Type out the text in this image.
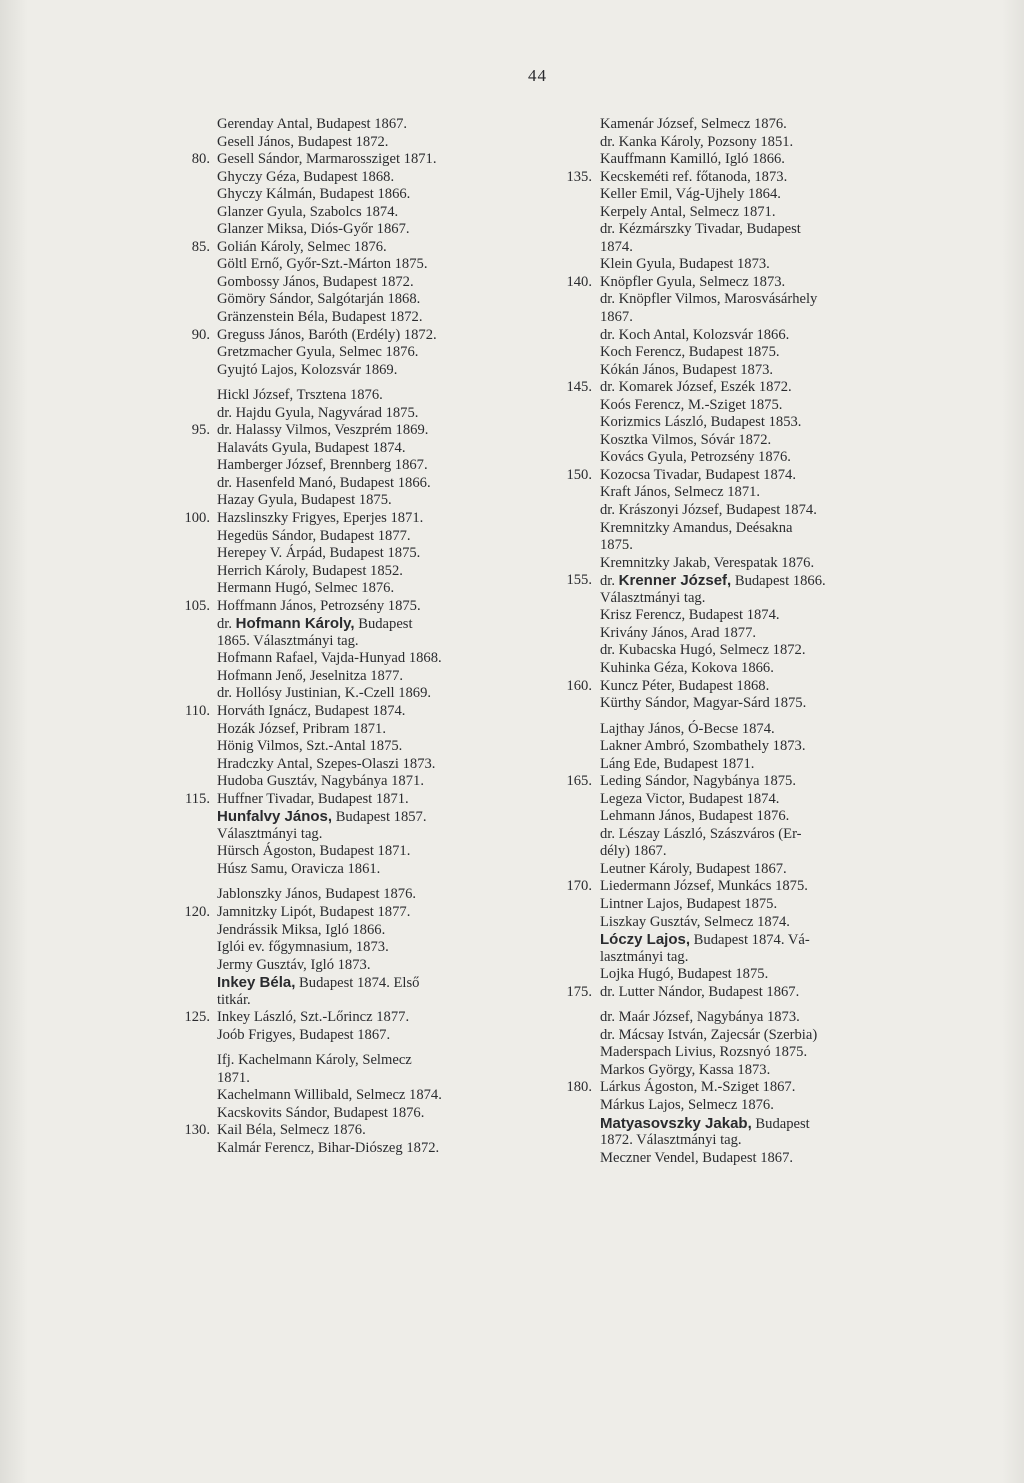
44
Gerenday Antal, Budapest 1867.
Gesell János, Budapest 1872.
80. Gesell Sándor, Marmarossziget 1871.
Ghyczy Géza, Budapest 1868.
Ghyczy Kálmán, Budapest 1866.
Glanzer Gyula, Szabolcs 1874.
Glanzer Miksa, Diós-Győr 1867.
85. Golián Károly, Selmec 1876.
Göltl Ernő, Győr-Szt.-Márton 1875.
Gombossy János, Budapest 1872.
Gömöry Sándor, Salgótarján 1868.
Gränzenstein Béla, Budapest 1872.
90. Greguss János, Baróth (Erdély) 1872.
Gretzmacher Gyula, Selmec 1876.
Gyujtó Lajos, Kolozsvár 1869.
Hickl József, Trsztena 1876.
dr. Hajdu Gyula, Nagyvárad 1875.
95. dr. Halassy Vilmos, Veszprém 1869.
Halaváts Gyula, Budapest 1874.
Hamberger József, Brennberg 1867.
dr. Hasenfeld Manó, Budapest 1866.
Hazay Gyula, Budapest 1875.
100. Hazslinszky Frigyes, Eperjes 1871.
Hegedüs Sándor, Budapest 1877.
Herepey V. Árpád, Budapest 1875.
Herrich Károly, Budapest 1852.
Hermann Hugó, Selmec 1876.
105. Hoffmann János, Petrozsény 1875.
dr. Hofmann Károly, Budapest
1865. Választmányi tag.
Hofmann Rafael, Vajda-Hunyad 1868.
Hofmann Jenő, Jeselnitza 1877.
dr. Hollósy Justinian, K.-Czell 1869.
110. Horváth Ignácz, Budapest 1874.
Hozák József, Pribram 1871.
Hönig Vilmos, Szt.-Antal 1875.
Hradczky Antal, Szepes-Olaszi 1873.
Hudoba Gusztáv, Nagybánya 1871.
115. Huffner Tivadar, Budapest 1871.
Hunfalvy János, Budapest 1857.
Választmányi tag.
Hürsch Ágoston, Budapest 1871.
Húsz Samu, Oravicza 1861.
Jablonszky János, Budapest 1876.
120. Jamnitzky Lipót, Budapest 1877.
Jendrássik Miksa, Igló 1866.
Iglói ev. főgymnasium, 1873.
Jermy Gusztáv, Igló 1873.
Inkey Béla, Budapest 1874. Első
titkár.
125. Inkey László, Szt.-Lőrincz 1877.
Joób Frigyes, Budapest 1867.
Ifj. Kachelmann Károly, Selmecz
1871.
Kachelmann Willibald, Selmecz 1874.
Kacskovits Sándor, Budapest 1876.
130. Kail Béla, Selmecz 1876.
Kalmár Ferencz, Bihar-Diószeg 1872.
Kamenár József, Selmecz 1876.
dr. Kanka Károly, Pozsony 1851.
Kauffmann Kamilló, Igló 1866.
135. Kecskeméti ref. főtanoda, 1873.
Keller Emil, Vág-Ujhely 1864.
Kerpely Antal, Selmecz 1871.
dr. Kézmárszky Tivadar, Budapest
1874.
Klein Gyula, Budapest 1873.
140. Knöpfler Gyula, Selmecz 1873.
dr. Knöpfler Vilmos, Marosvásárhely
1867.
dr. Koch Antal, Kolozsvár 1866.
Koch Ferencz, Budapest 1875.
Kókán János, Budapest 1873.
145. dr. Komarek József, Eszék 1872.
Koós Ferencz, M.-Sziget 1875.
Korizmics László, Budapest 1853.
Kosztka Vilmos, Sóvár 1872.
Kovács Gyula, Petrozsény 1876.
150. Kozocsa Tivadar, Budapest 1874.
Kraft János, Selmecz 1871.
dr. Krászonyi József, Budapest 1874.
Kremnitzky Amandus, Deésakna
1875.
Kremnitzky Jakab, Verespatak 1876.
155. dr. Krenner József, Budapest 1866.
Választmányi tag.
Krisz Ferencz, Budapest 1874.
Krivány János, Arad 1877.
dr. Kubacska Hugó, Selmecz 1872.
Kuhinka Géza, Kokova 1866.
160. Kuncz Péter, Budapest 1868.
Kürthy Sándor, Magyar-Sárd 1875.
Lajthay János, Ó-Becse 1874.
Lakner Ambró, Szombathely 1873.
Láng Ede, Budapest 1871.
165. Leding Sándor, Nagybánya 1875.
Legeza Victor, Budapest 1874.
Lehmann János, Budapest 1876.
dr. Lészay László, Szászváros (Er-
dély) 1867.
Leutner Károly, Budapest 1867.
170. Liedermann József, Munkács 1875.
Lintner Lajos, Budapest 1875.
Liszkay Gusztáv, Selmecz 1874.
Lóczy Lajos, Budapest 1874. Vá-
lasztmányi tag.
Lojka Hugó, Budapest 1875.
175. dr. Lutter Nándor, Budapest 1867.
dr. Maár József, Nagybánya 1873.
dr. Mácsay István, Zajecsár (Szerbia)
Maderspach Livius, Rozsnyó 1875.
Markos György, Kassa 1873.
180. Lárkus Ágoston, M.-Sziget 1867.
Márkus Lajos, Selmecz 1876.
Matyasovszky Jakab, Budapest
1872. Választmányi tag.
Meczner Vendel, Budapest 1867.
